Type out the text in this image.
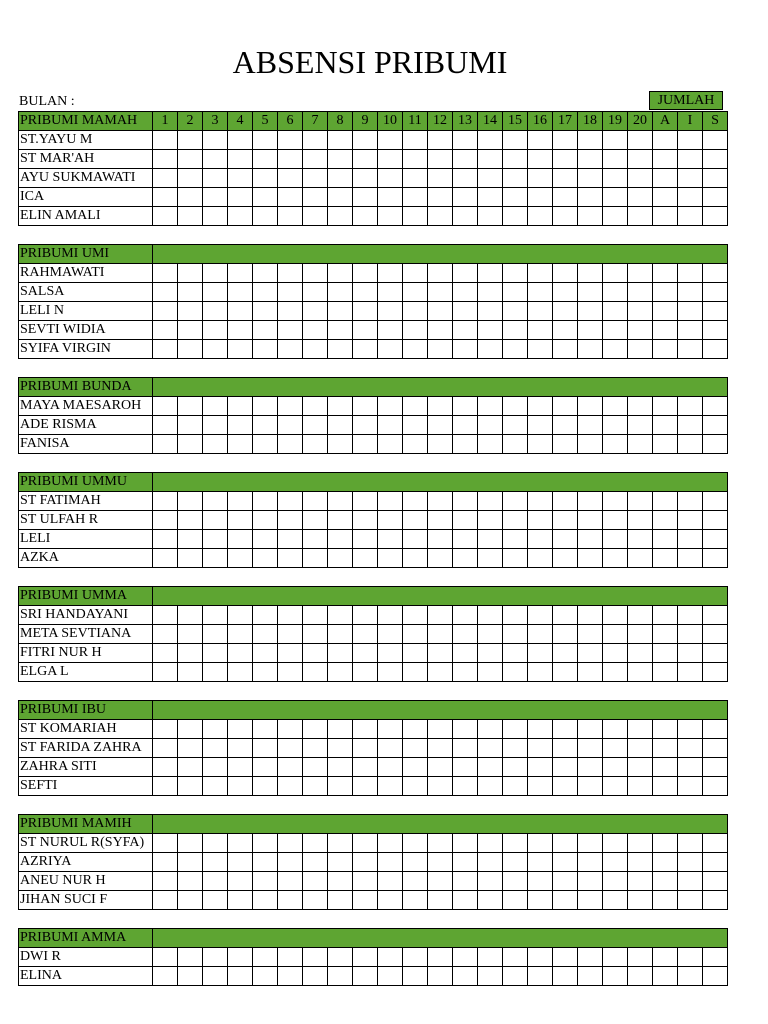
ABSENSI PRIBUMI
BULAN :	JUMLAH
PRIBUMI MAMAH	1	2	3	4	5	6	7	8	9	10	11	12	13	14	15	16	17	18	19	20	A	I	S
ST.YAYU M																							
ST MAR'AH																							
AYU SUKMAWATI																							
ICA																							
ELIN AMALI																							
PRIBUMI UMI																							
RAHMAWATI																							
SALSA																							
LELI N																							
SEVTI WIDIA																							
SYIFA VIRGIN																							
PRIBUMI BUNDA																							
MAYA MAESAROH																							
ADE RISMA																							
FANISA																							
PRIBUMI UMMU																							
ST FATIMAH																							
ST ULFAH R																							
LELI																							
AZKA																							
PRIBUMI UMMA																							
SRI HANDAYANI																							
META SEVTIANA																							
FITRI NUR H																							
ELGA L																							
PRIBUMI IBU																							
ST KOMARIAH																							
ST FARIDA ZAHRA																							
ZAHRA SITI																							
SEFTI																							
PRIBUMI MAMIH																							
ST NURUL R(SYFA)																							
AZRIYA																							
ANEU NUR H																							
JIHAN SUCI F																							
PRIBUMI AMMA																							
DWI R																							
ELINA																							
